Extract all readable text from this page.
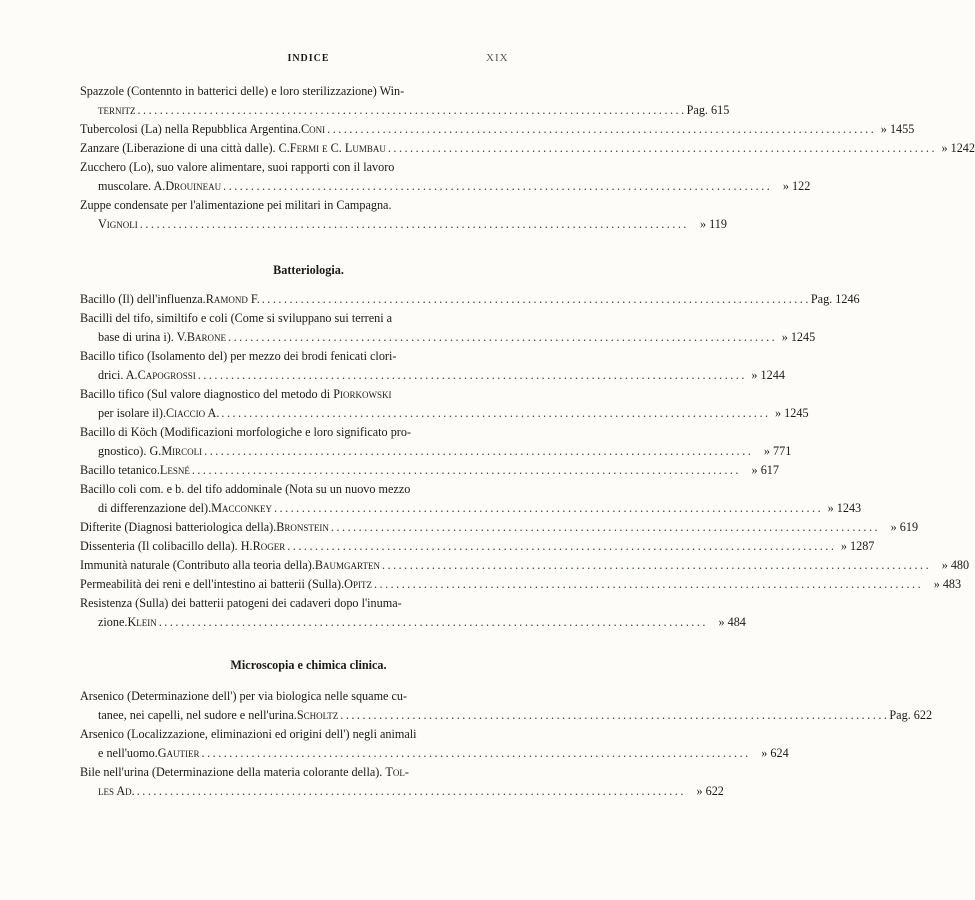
INDICE	XIX
Spazzole (Contennto in batterici delle) e loro sterilizzazione) Win-
ternitz ................................................................................................... Pag. 615
Tubercolosi (La) nella Repubblica Argentina. Coni ................................................................................................... » 1455
Zanzare (Liberazione di una città dalle). C. Fermi e C. Lumbau ................................................................................................... » 1242
Zucchero (Lo), suo valore alimentare, suoi rapporti con il lavoro
muscolare. A. Drouineau ................................................................................................... » 122
Zuppe condensate per l'alimentazione pei militari in Campagna.
Vignoli ................................................................................................... » 119
Batteriologia.
Bacillo (Il) dell'influenza. Ramond F. ................................................................................................... Pag. 1246
Bacilli del tifo, similtifo e coli (Come si sviluppano sui terreni a
base di urina i). V. Barone ................................................................................................... » 1245
Bacillo tifico (Isolamento del) per mezzo dei brodi fenicati clori-
drici. A. Capogrossi ................................................................................................... » 1244
Bacillo tifico (Sul valore diagnostico del metodo di Piorkowski
per isolare il). Ciaccio A. ................................................................................................... » 1245
Bacillo di Köch (Modificazioni morfologiche e loro significato pro-
gnostico). G. Mircoli ................................................................................................... » 771
Bacillo tetanico. Lesné ................................................................................................... » 617
Bacillo coli com. e b. del tifo addominale (Nota su un nuovo mezzo
di differenzazione del). Macconkey ................................................................................................... » 1243
Difterite (Diagnosi batteriologica della). Bronstein ................................................................................................... » 619
Dissenteria (Il colibacillo della). H. Roger ................................................................................................... » 1287
Immunità naturale (Contributo alla teoria della). Baumgarten ................................................................................................... » 480
Permeabilità dei reni e dell'intestino ai batterii (Sulla). Opitz ................................................................................................... » 483
Resistenza (Sulla) dei batterii patogeni dei cadaveri dopo l'inuma-
zione. Klein ................................................................................................... » 484
Microscopia e chimica clinica.
Arsenico (Determinazione dell') per via biologica nelle squame cu-
tanee, nei capelli, nel sudore e nell'urina. Scholtz ................................................................................................... Pag. 622
Arsenico (Localizzazione, eliminazioni ed origini dell') negli animali
e nell'uomo. Gautier ................................................................................................... » 624
Bile nell'urina (Determinazione della materia colorante della). Tol-
les Ad. ................................................................................................... » 622
